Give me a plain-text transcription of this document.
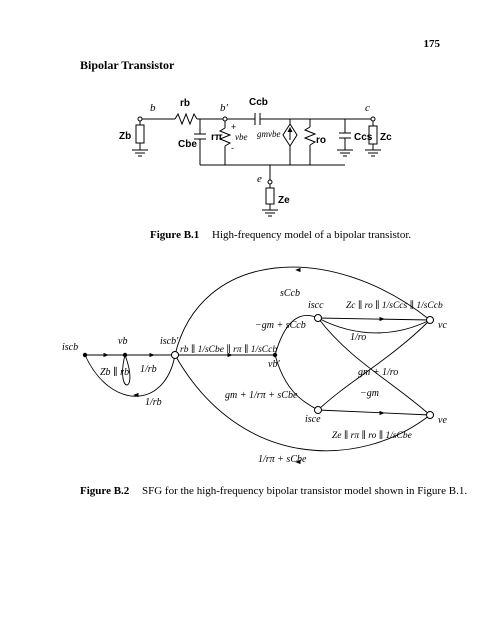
175
Bipolar Transistor
b	b′	c
e
rb	Ccb
Zb
Cbe
rπ
+
vbe
-
gmvbe
ro	Ccs Zc
Ze
Figure B.1 High-frequency model of a bipolar transistor.
iscb
vb	iscb′
vb′
iscc
isce
vc
ve
Zb ∥ rb 1/rb
1/rb
rb ∥ 1/sCbe ∥ rπ ∥ 1/sCcb
sCcb
−gm + sCcb
Zc ∥ ro ∥ 1/sCcs ∥ 1/sCcb
1/ro
gm + 1/ro
−gm
gm + 1/rπ + sCbe
Ze ∥ rπ ∥ ro ∥ 1/sCbe
1/rπ + sCbe
Figure B.2 SFG for the high-frequency bipolar transistor model shown in Figure B.1.
